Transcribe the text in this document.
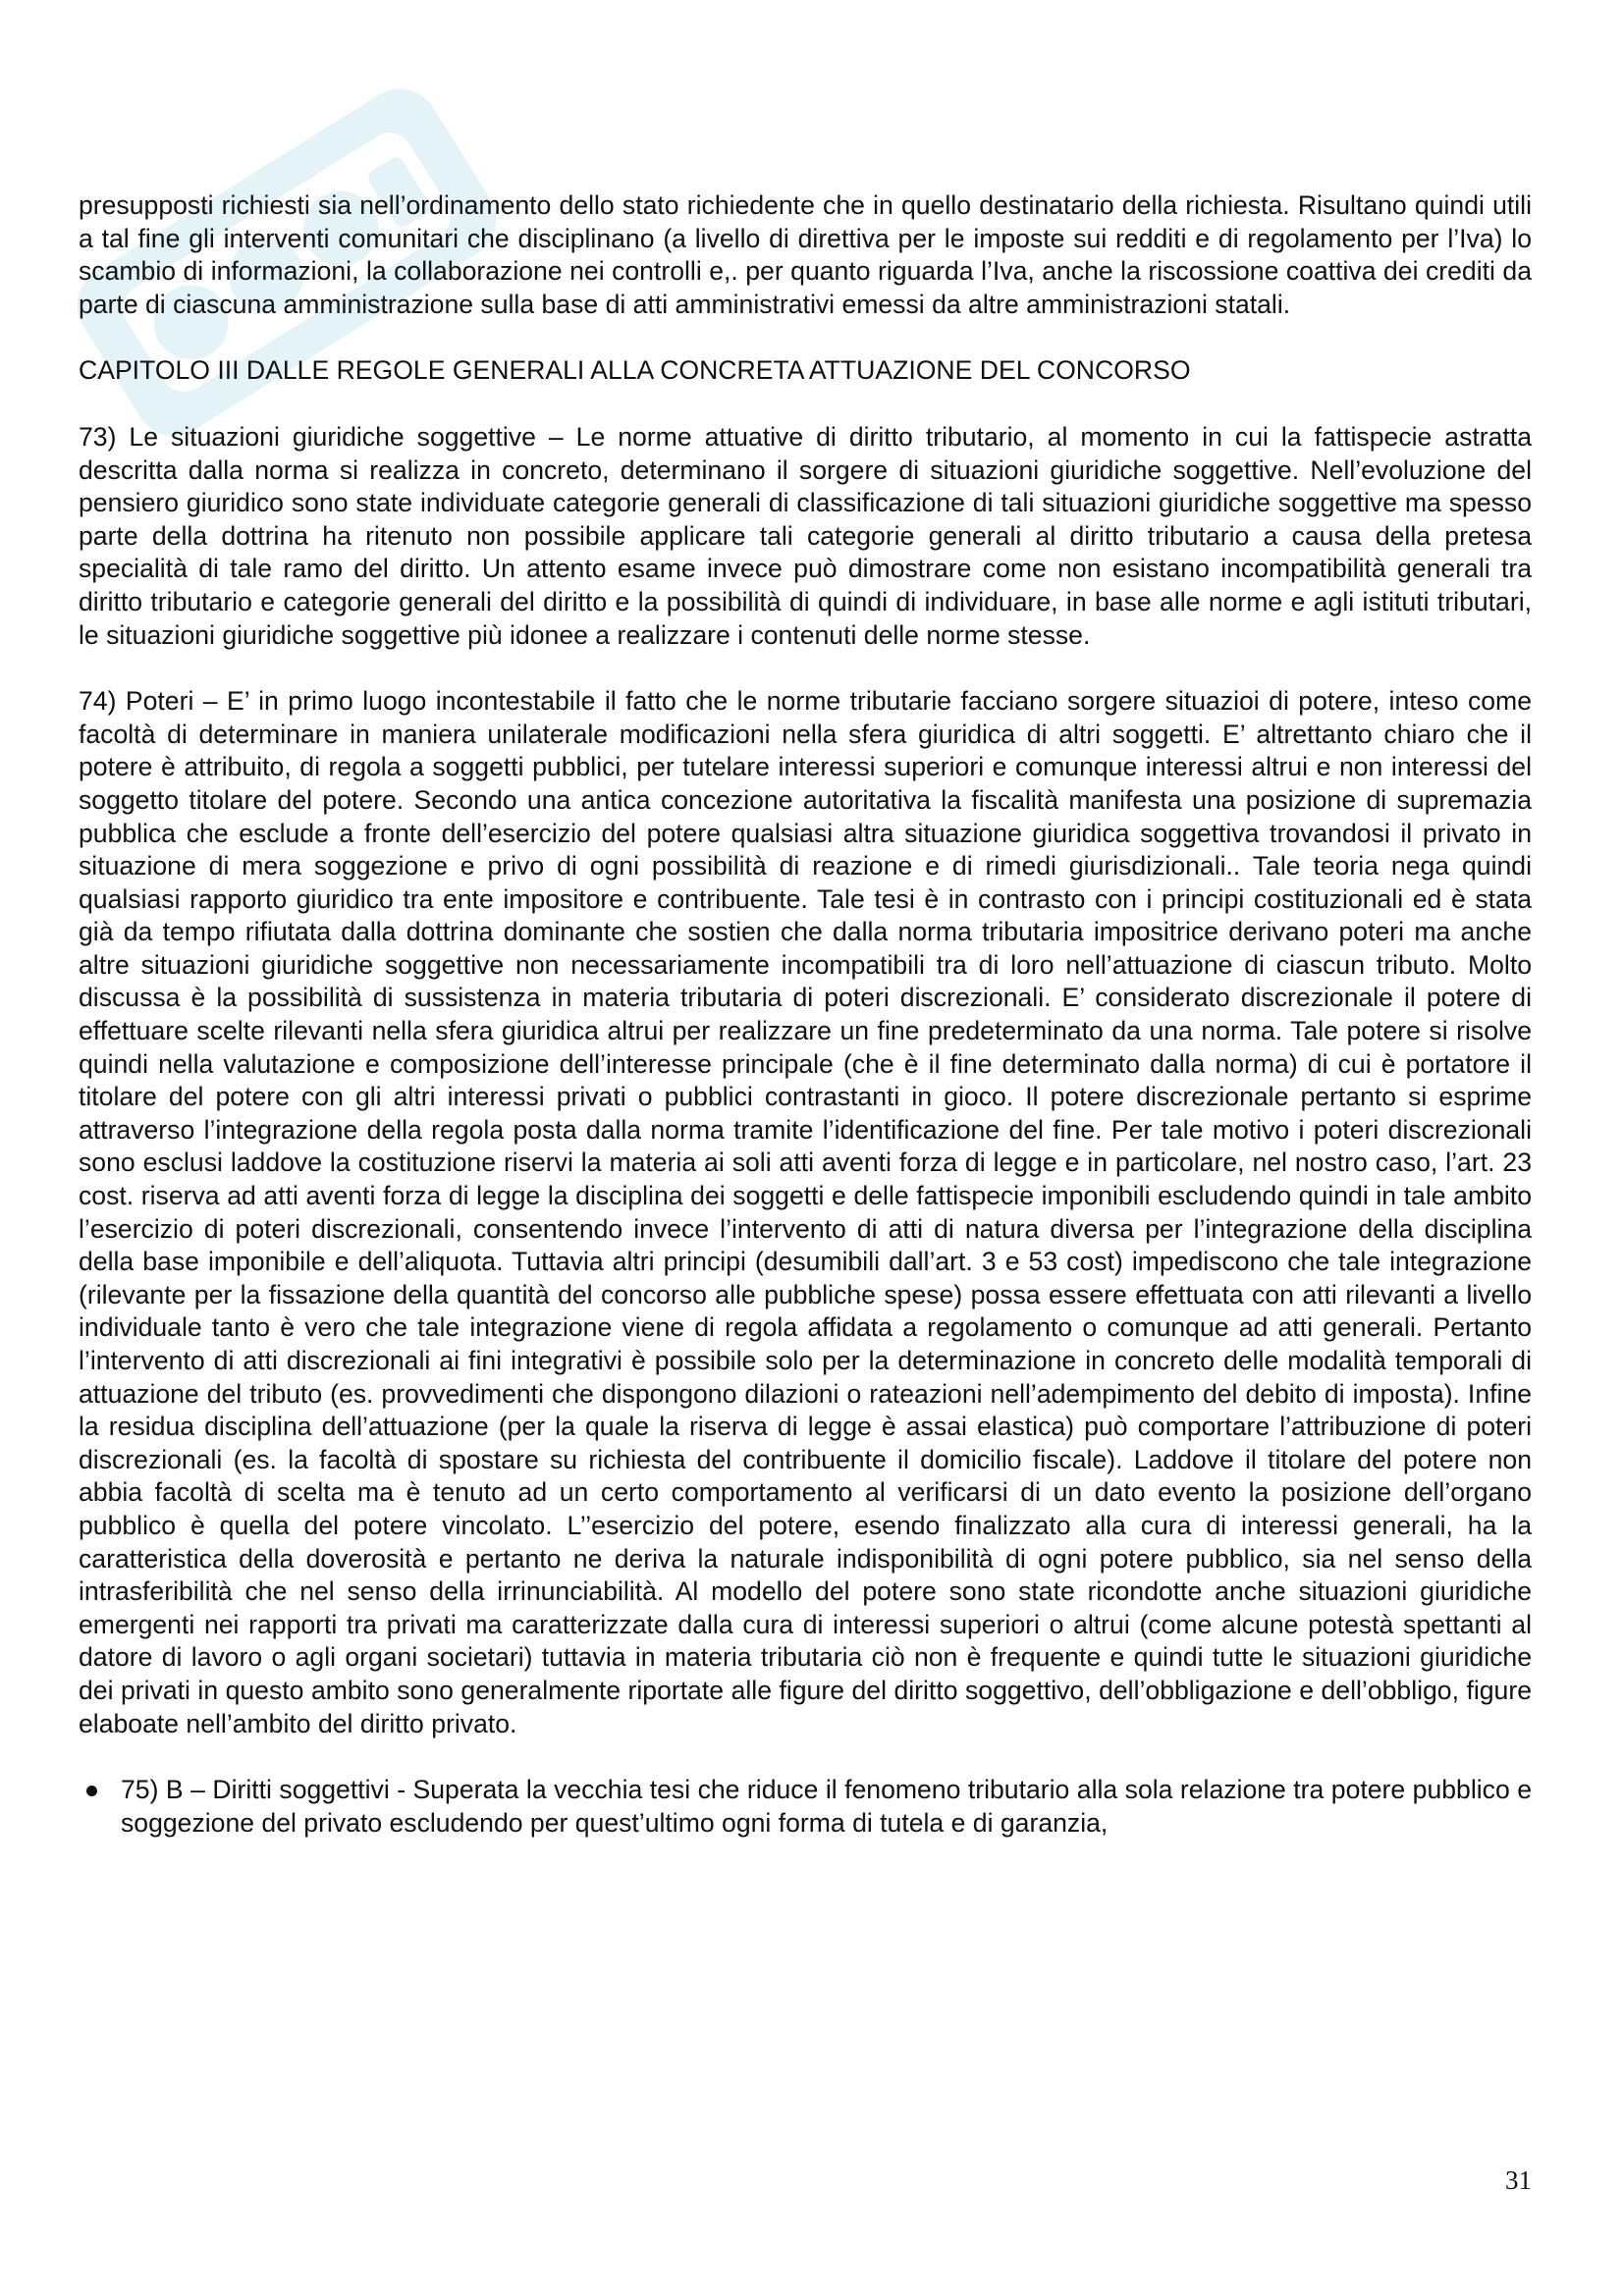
presupposti richiesti sia nell’ordinamento dello stato richiedente che in quello destinatario della richiesta. Risultano quindi utili a tal fine gli interventi comunitari che disciplinano (a livello di direttiva per le imposte sui redditi e di regolamento per l’Iva) lo scambio di informazioni, la collaborazione nei controlli e,. per quanto riguarda l’Iva, anche la riscossione coattiva dei crediti da parte di ciascuna amministrazione sulla base di atti amministrativi emessi da altre amministrazioni statali.

CAPITOLO III DALLE REGOLE GENERALI ALLA CONCRETA ATTUAZIONE DEL CONCORSO

73) Le situazioni giuridiche soggettive – Le norme attuative di diritto tributario, al momento in cui la fattispecie astratta descritta dalla norma si realizza in concreto, determinano il sorgere di situazioni giuridiche soggettive. Nell’evoluzione del pensiero giuridico sono state individuate categorie generali di classificazione di tali situazioni giuridiche soggettive ma spesso parte della dottrina ha ritenuto non possibile applicare tali categorie generali al diritto tributario a causa della pretesa specialità di tale ramo del diritto. Un attento esame invece può dimostrare come non esistano incompatibilità generali tra diritto tributario e categorie generali del diritto e la possibilità di quindi di individuare, in base alle norme e agli istituti tributari, le situazioni giuridiche soggettive più idonee a realizzare i contenuti delle norme stesse.

74) Poteri – E’ in primo luogo incontestabile il fatto che le norme tributarie facciano sorgere situazioi di potere, inteso come facoltà di determinare in maniera unilaterale modificazioni nella sfera giuridica di altri soggetti. E’ altrettanto chiaro che il potere è attribuito, di regola a soggetti pubblici, per tutelare interessi superiori e comunque interessi altrui e non interessi del soggetto titolare del potere. Secondo una antica concezione autoritativa la fiscalità manifesta una posizione di supremazia pubblica che esclude a fronte dell’esercizio del potere qualsiasi altra situazione giuridica soggettiva trovandosi il privato in situazione di mera soggezione e privo di ogni possibilità di reazione e di rimedi giurisdizionali.. Tale teoria nega quindi qualsiasi rapporto giuridico tra ente impositore e contribuente. Tale tesi è in contrasto con i principi costituzionali ed è stata già da tempo rifiutata dalla dottrina dominante che sostien che dalla norma tributaria impositrice derivano poteri ma anche altre situazioni giuridiche soggettive non necessariamente incompatibili tra di loro nell’attuazione di ciascun tributo. Molto discussa è la possibilità di sussistenza in materia tributaria di poteri discrezionali. E’ considerato discrezionale il potere di effettuare scelte rilevanti nella sfera giuridica altrui per realizzare un fine predeterminato da una norma. Tale potere si risolve quindi nella valutazione e composizione dell’interesse principale (che è il fine determinato dalla norma) di cui è portatore il titolare del potere con gli altri interessi privati o pubblici contrastanti in gioco. Il potere discrezionale pertanto si esprime attraverso l’integrazione della regola posta dalla norma tramite l’identificazione del fine. Per tale motivo i poteri discrezionali sono esclusi laddove la costituzione riservi la materia ai soli atti aventi forza di legge e in particolare, nel nostro caso, l’art. 23 cost. riserva ad atti aventi forza di legge la disciplina dei soggetti e delle fattispecie imponibili escludendo quindi in tale ambito l’esercizio di poteri discrezionali, consentendo invece l’intervento di atti di natura diversa per l’integrazione della disciplina della base imponibile e dell’aliquota. Tuttavia altri principi (desumibili dall’art. 3 e 53 cost) impediscono che tale integrazione (rilevante per la fissazione della quantità del concorso alle pubbliche spese) possa essere effettuata con atti rilevanti a livello individuale tanto è vero che tale integrazione viene di regola affidata a regolamento o comunque ad atti generali. Pertanto l’intervento di atti discrezionali ai fini integrativi è possibile solo per la determinazione in concreto delle modalità temporali di attuazione del tributo (es. provvedimenti che dispongono dilazioni o rateazioni nell’adempimento del debito di imposta). Infine la residua disciplina dell’attuazione (per la quale la riserva di legge è assai elastica) può comportare l’attribuzione di poteri discrezionali (es. la facoltà di spostare su richiesta del contribuente il domicilio fiscale). Laddove il titolare del potere non abbia facoltà di scelta ma è tenuto ad un certo comportamento al verificarsi di un dato evento la posizione dell’organo pubblico è quella del potere vincolato. L’’esercizio del potere, esendo finalizzato alla cura di interessi generali, ha la caratteristica della doverosità e pertanto ne deriva la naturale indisponibilità di ogni potere pubblico, sia nel senso della intrasferibilità che nel senso della irrinunciabilità. Al modello del potere sono state ricondotte anche situazioni giuridiche emergenti nei rapporti tra privati ma caratterizzate dalla cura di interessi superiori o altrui (come alcune potestà spettanti al datore di lavoro o agli organi societari) tuttavia in materia tributaria ciò non è frequente e quindi tutte le situazioni giuridiche dei privati in questo ambito sono generalmente riportate alle figure del diritto soggettivo, dell’obbligazione e dell’obbligo, figure elaboate nell’ambito del diritto privato.

75) B – Diritti soggettivi - Superata la vecchia tesi che riduce il fenomeno tributario alla sola relazione tra potere pubblico e soggezione del privato escludendo per quest’ultimo ogni forma di tutela e di garanzia,

31
